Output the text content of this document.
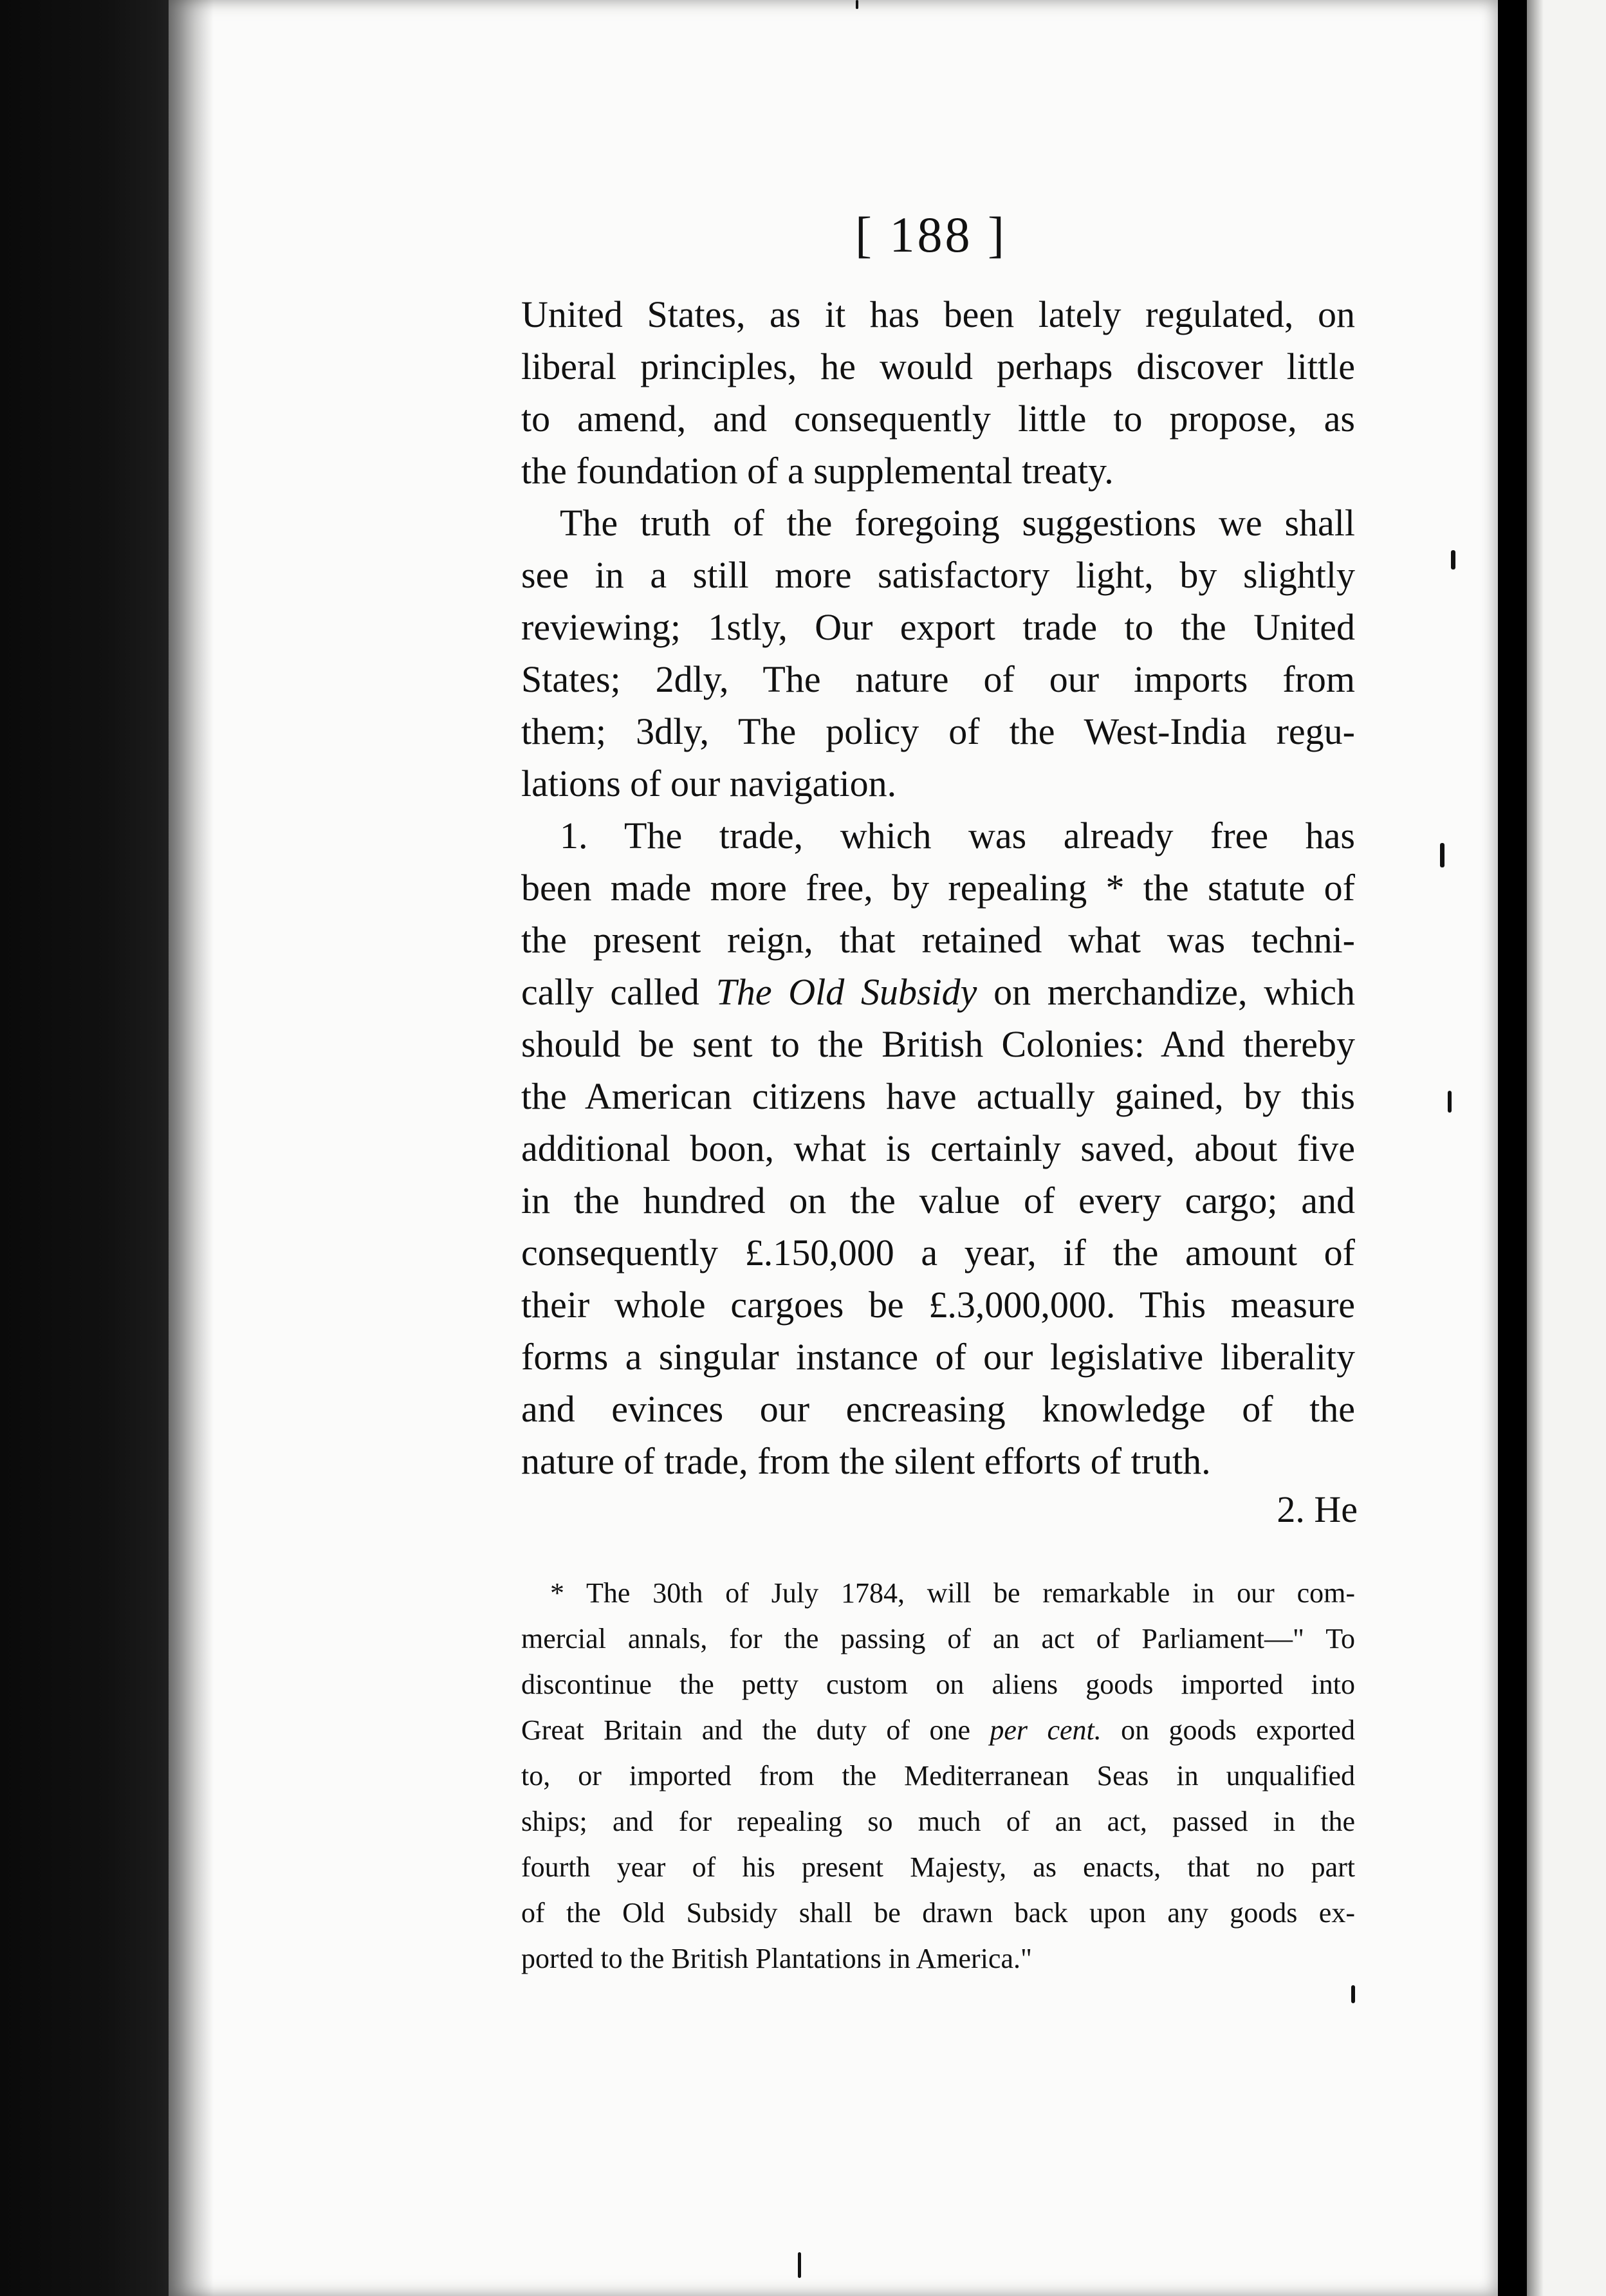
[ 188 ]
United States, as it has been lately regulated, on
liberal principles, he would perhaps discover little
to amend, and consequently little to propose, as
the foundation of a supplemental treaty.
The truth of the foregoing suggestions we shall
see in a still more satisfactory light, by slightly
reviewing; 1stly, Our export trade to the United
States; 2dly, The nature of our imports from
them; 3dly, The policy of the West-India regu-
lations of our navigation.
1. The trade, which was already free has
been made more free, by repealing * the statute of
the present reign, that retained what was techni-
cally called The Old Subsidy on merchandize, which
should be sent to the British Colonies: And thereby
the American citizens have actually gained, by this
additional boon, what is certainly saved, about five
in the hundred on the value of every cargo; and
consequently £.150,000 a year, if the amount of
their whole cargoes be £.3,000,000. This measure
forms a singular instance of our legislative liberality
and evinces our encreasing knowledge of the
nature of trade, from the silent efforts of truth.
2. He
* The 30th of July 1784, will be remarkable in our com-
mercial annals, for the passing of an act of Parliament—" To
discontinue the petty custom on aliens goods imported into
Great Britain and the duty of one per cent. on goods exported
to, or imported from the Mediterranean Seas in unqualified
ships; and for repealing so much of an act, passed in the
fourth year of his present Majesty, as enacts, that no part
of the Old Subsidy shall be drawn back upon any goods ex-
ported to the British Plantations in America."
